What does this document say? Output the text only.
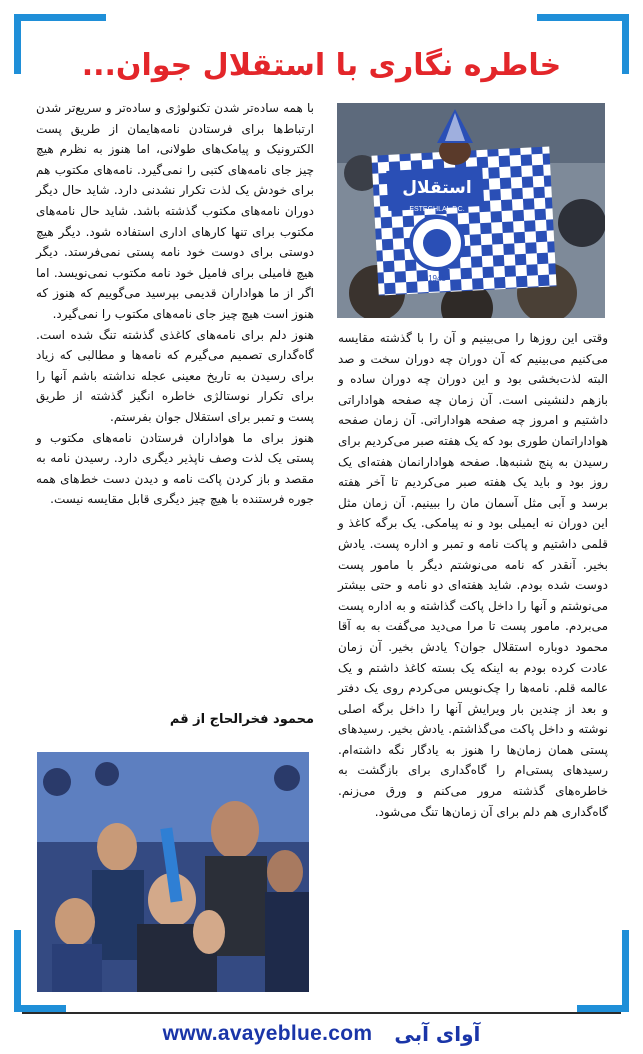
خاطره نگاری با استقلال جوان...
استقلال
ESTEGHLAL F.C.
1945

وقتی این روزها را می‌بینیم و آن را با گذشته مقایسه می‌کنیم می‌بینیم که آن دوران چه دوران سخت و صد البته لذت‌بخشی بود و این دوران چه دوران ساده و بازهم دلنشینی است. آن زمان چه صفحه هواداراتی داشتیم و امروز چه صفحه هواداراتی. آن زمان صفحه هواداراتمان طوری بود که یک هفته صبر می‌کردیم برای رسیدن به پنج شنبه‌ها. صفحه هوادارانمان هفته‌ای یک روز بود و باید یک هفته صبر می‌کردیم تا آخر هفته برسد و آبی مثل آسمان مان را ببینیم. آن زمان مثل این دوران نه ایمیلی بود و نه پیامکی. یک برگه کاغذ و قلمی داشتیم و پاکت نامه و تمبر و اداره پست. یادش بخیر. آنقدر که نامه می‌نوشتم دیگر با مامور پست دوست شده بودم. شاید هفته‌ای دو نامه و حتی بیشتر می‌نوشتم و آنها را داخل پاکت گذاشته و به اداره پست می‌بردم. مامور پست تا مرا می‌دید می‌گفت به به آقا محمود دوباره استقلال جوان؟ یادش بخیر. آن زمان عادت کرده بودم به اینکه یک بسته کاغذ داشتم و یک عالمه قلم. نامه‌ها را چک‌نویس می‌کردم روی یک دفتر و بعد از چندین بار ویرایش آنها را داخل برگه اصلی نوشته و داخل پاکت می‌گذاشتم. یادش بخیر. رسیدهای پستی همان زمان‌ها را هنوز به یادگار نگه داشته‌ام. رسیدهای پستی‌ام را گاه‌گداری برای بازگشت به خاطره‌های گذشته مرور می‌کنم و ورق می‌زنم. گاه‌گداری هم دلم برای آن زمان‌ها تنگ می‌شود.

با همه ساده‌تر شدن تکنولوژی و ساده‌تر و سریع‌تر شدن ارتباط‌ها برای فرستادن نامه‌هایمان از طریق پست الکترونیک و پیامک‌های طولانی، اما هنوز به نظرم هیچ چیز جای نامه‌های کتبی را نمی‌گیرد. نامه‌های مکتوب هم برای خودش یک لذت تکرار نشدنی دارد. شاید حال دیگر دوران نامه‌های مکتوب گذشته باشد. شاید حال نامه‌های مکتوب برای تنها کارهای اداری استفاده شود. دیگر هیچ دوستی برای دوست خود نامه پستی نمی‌فرستد. دیگر هیچ فامیلی برای فامیل خود نامه مکتوب نمی‌نویسد. اما اگر از ما هواداران قدیمی بپرسید می‌گوییم که هنوز که هنوز است هیچ چیز جای نامه‌های مکتوب را نمی‌گیرد.

هنوز دلم برای نامه‌های کاغذی گذشته تنگ شده است. گاه‌گداری تصمیم می‌گیرم که نامه‌ها و مطالبی که زیاد برای رسیدن به تاریخ معینی عجله نداشته باشم آنها را برای تکرار نوستالژی خاطره انگیز گذشته از طریق پست و تمبر برای استقلال جوان بفرستم.

هنوز برای ما هواداران فرستادن نامه‌های مکتوب و پستی یک لذت وصف ناپذیر دیگری دارد. رسیدن نامه به مقصد و باز کردن پاکت نامه و دیدن دست خط‌های همه جوره فرستنده با هیچ چیز دیگری قابل مقایسه نیست.

محمود فخرالحاج از قم
www.avayeblue.com آوای آبی
